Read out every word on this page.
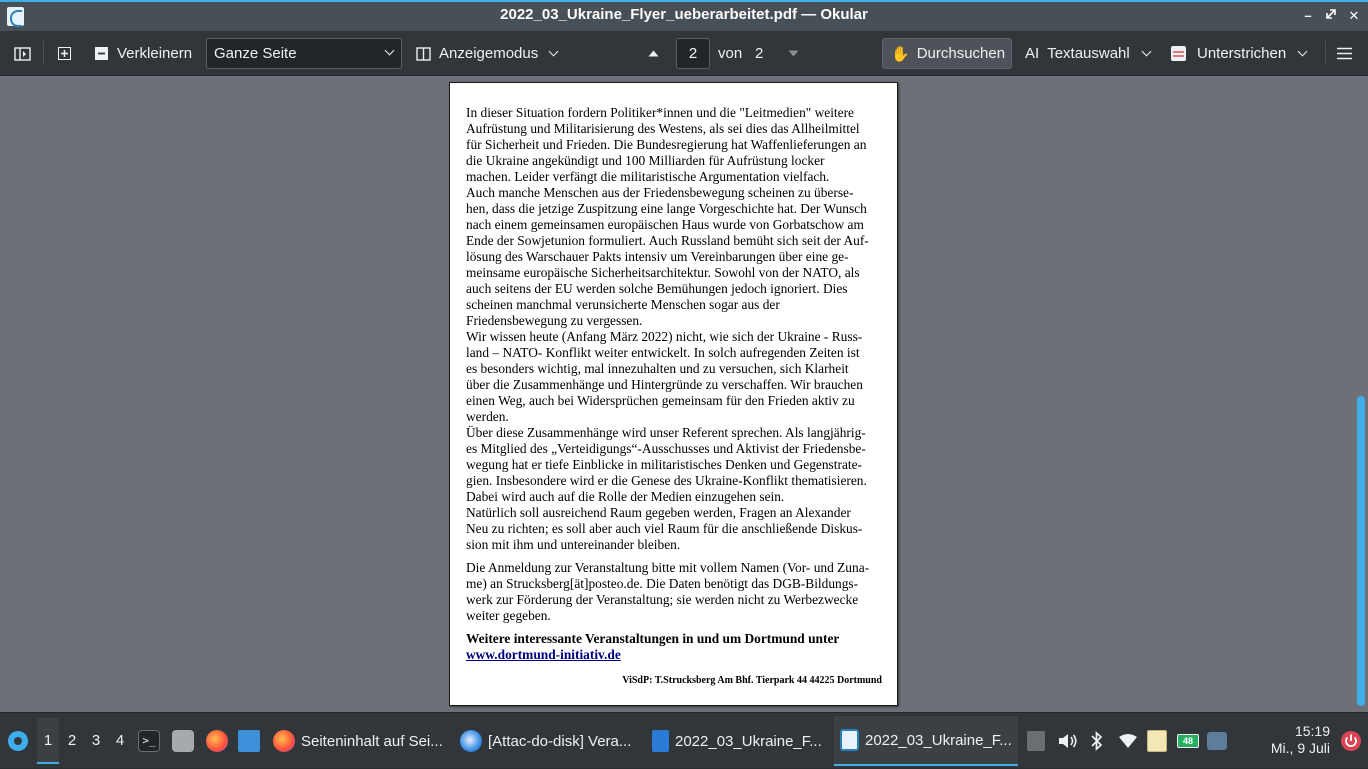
2022_03_Ukraine_Flyer_ueberarbeitet.pdf — Okular	–	✕
Verkleinern Ganze Seite	Anzeigemodus	2	von 2	✋ Durchsuchen A͏I Textauswahl	Unterstrichen

In dieser Situation fordern Politiker*innen und die "Leitmedien" weitere

Aufrüstung und Militarisierung des Westens, als sei dies das Allheilmittel

für Sicherheit und Frieden. Die Bundesregierung hat Waffenlieferungen an

die Ukraine angekündigt und 100 Milliarden für Aufrüstung locker

machen. Leider verfängt die militaristische Argumentation vielfach.

Auch manche Menschen aus der Friedensbewegung scheinen zu überse-

hen, dass die jetzige Zuspitzung eine lange Vorgeschichte hat. Der Wunsch

nach einem gemeinsamen europäischen Haus wurde von Gorbatschow am

Ende der Sowjetunion formuliert. Auch Russland bemüht sich seit der Auf-

lösung des Warschauer Pakts intensiv um Vereinbarungen über eine ge-

meinsame europäische Sicherheitsarchitektur. Sowohl von der NATO, als

auch seitens der EU werden solche Bemühungen jedoch ignoriert. Dies

scheinen manchmal verunsicherte Menschen sogar aus der

Friedensbewegung zu vergessen.

Wir wissen heute (Anfang März 2022) nicht, wie sich der Ukraine - Russ-

land – NATO- Konflikt weiter entwickelt. In solch aufregenden Zeiten ist

es besonders wichtig, mal innezuhalten und zu versuchen, sich Klarheit

über die Zusammenhänge und Hintergründe zu verschaffen. Wir brauchen

einen Weg, auch bei Widersprüchen gemeinsam für den Frieden aktiv zu

werden.

Über diese Zusammenhänge wird unser Referent sprechen. Als langjährig-

es Mitglied des „Verteidigungs“-Ausschusses und Aktivist der Friedensbe-

wegung hat er tiefe Einblicke in militaristisches Denken und Gegenstrate-

gien. Insbesondere wird er die Genese des Ukraine-Konflikt thematisieren.

Dabei wird auch auf die Rolle der Medien einzugehen sein.

Natürlich soll ausreichend Raum gegeben werden, Fragen an Alexander

Neu zu richten; es soll aber auch viel Raum für die anschließende Diskus-

sion mit ihm und untereinander bleiben.

Die Anmeldung zur Veranstaltung bitte mit vollem Namen (Vor- und Zuna-

me) an Strucksberg[ät]posteo.de. Die Daten benötigt das DGB-Bildungs-

werk zur Förderung der Veranstaltung; sie werden nicht zu Werbezwecke

weiter gegeben.

Weitere interessante Veranstaltungen in und um Dortmund unter

www.dortmund-initiativ.de

ViSdP: T.Strucksberg Am Bhf. Tierpark 44 44225 Dortmund
1	2	3	4	>_	Seiteninhalt auf Sei...	[Attac-do-disk] Vera...	2022_03_Ukraine_F...	2022_03_Ukraine_F...	48
15:19
Mi., 9 Juli
